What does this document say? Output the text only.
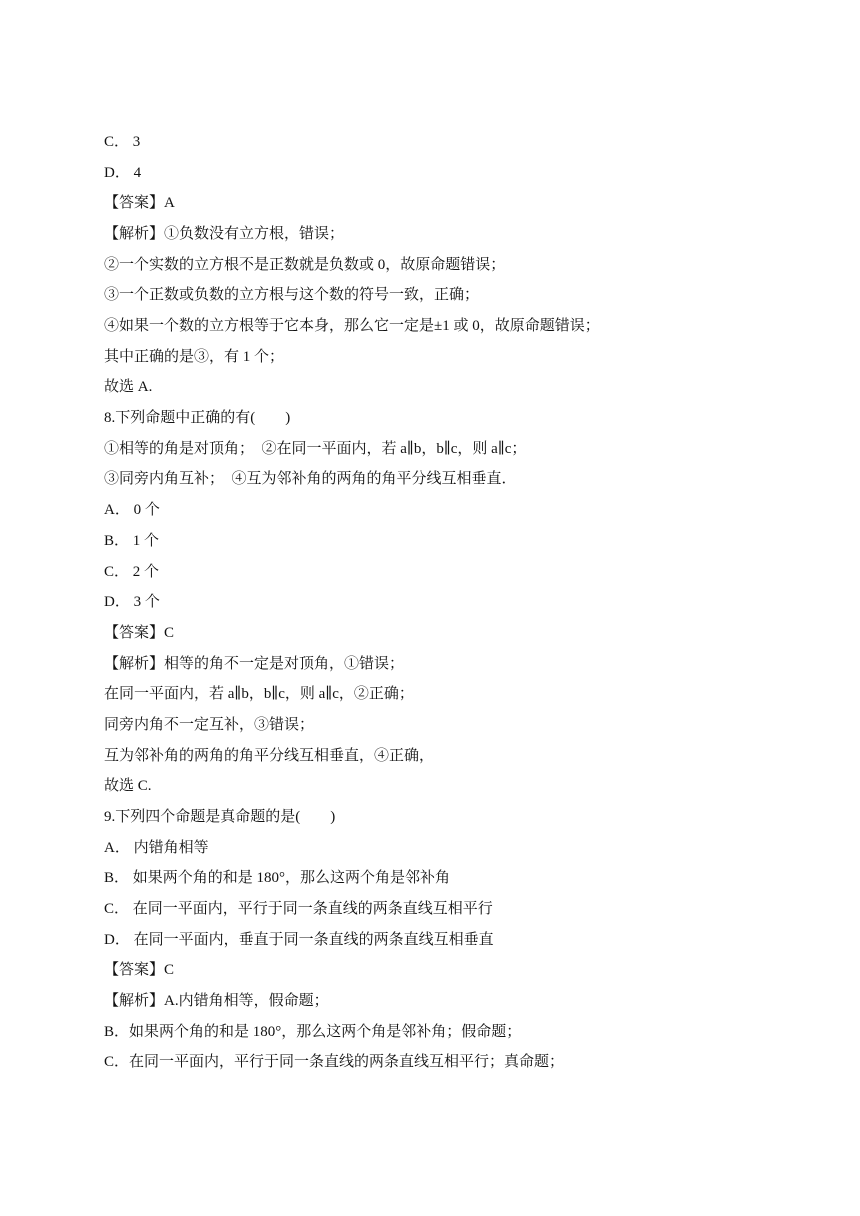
C． 3
D． 4
【答案】A
【解析】①负数没有立方根，错误；
②一个实数的立方根不是正数就是负数或 0，故原命题错误；
③一个正数或负数的立方根与这个数的符号一致，正确；
④如果一个数的立方根等于它本身，那么它一定是±1 或 0，故原命题错误；
其中正确的是③，有 1 个；
故选 A.
8.下列命题中正确的有(　　)
①相等的角是对顶角；  ②在同一平面内，若 a∥b，b∥c，则 a∥c；
③同旁内角互补；  ④互为邻补角的两角的角平分线互相垂直．
A． 0 个
B． 1 个
C． 2 个
D． 3 个
【答案】C
【解析】相等的角不一定是对顶角，①错误；
在同一平面内，若 a∥b，b∥c，则 a∥c，②正确；
同旁内角不一定互补，③错误；
互为邻补角的两角的角平分线互相垂直，④正确，
故选 C.
9.下列四个命题是真命题的是(　　)
A． 内错角相等
B． 如果两个角的和是 180°，那么这两个角是邻补角
C． 在同一平面内，平行于同一条直线的两条直线互相平行
D． 在同一平面内，垂直于同一条直线的两条直线互相垂直
【答案】C
【解析】A.内错角相等，假命题；
B．如果两个角的和是 180°，那么这两个角是邻补角；假命题；
C．在同一平面内，平行于同一条直线的两条直线互相平行；真命题；
